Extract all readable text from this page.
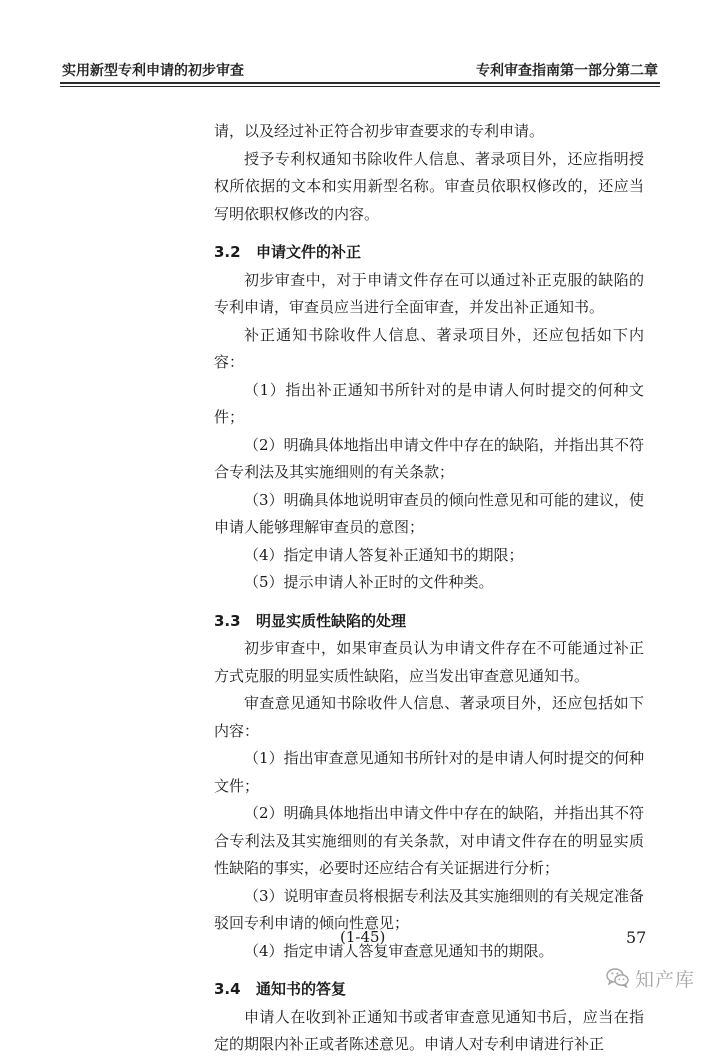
实用新型专利申请的初步审查	专利审查指南第一部分第二章

请，以及经过补正符合初步审查要求的专利申请。

授予专利权通知书除收件人信息、著录项目外，还应指明授权所依据的文本和实用新型名称。审查员依职权修改的，还应当写明依职权修改的内容。

3.2 申请文件的补正

初步审查中，对于申请文件存在可以通过补正克服的缺陷的专利申请，审查员应当进行全面审查，并发出补正通知书。

补正通知书除收件人信息、著录项目外，还应包括如下内容：

（1）指出补正通知书所针对的是申请人何时提交的何种文件；

（2）明确具体地指出申请文件中存在的缺陷，并指出其不符合专利法及其实施细则的有关条款；

（3）明确具体地说明审查员的倾向性意见和可能的建议，使申请人能够理解审查员的意图；

（4）指定申请人答复补正通知书的期限；

（5）提示申请人补正时的文件种类。

3.3 明显实质性缺陷的处理

初步审查中，如果审查员认为申请文件存在不可能通过补正方式克服的明显实质性缺陷，应当发出审查意见通知书。

审查意见通知书除收件人信息、著录项目外，还应包括如下内容：

（1）指出审查意见通知书所针对的是申请人何时提交的何种文件；

（2）明确具体地指出申请文件中存在的缺陷，并指出其不符合专利法及其实施细则的有关条款，对申请文件存在的明显实质性缺陷的事实，必要时还应结合有关证据进行分析；

（3）说明审查员将根据专利法及其实施细则的有关规定准备驳回专利申请的倾向性意见；

（4）指定申请人答复审查意见通知书的期限。

3.4 通知书的答复

申请人在收到补正通知书或者审查意见通知书后，应当在指定的期限内补正或者陈述意见。申请人对专利申请进行补正

(1-45)	57
知产库
